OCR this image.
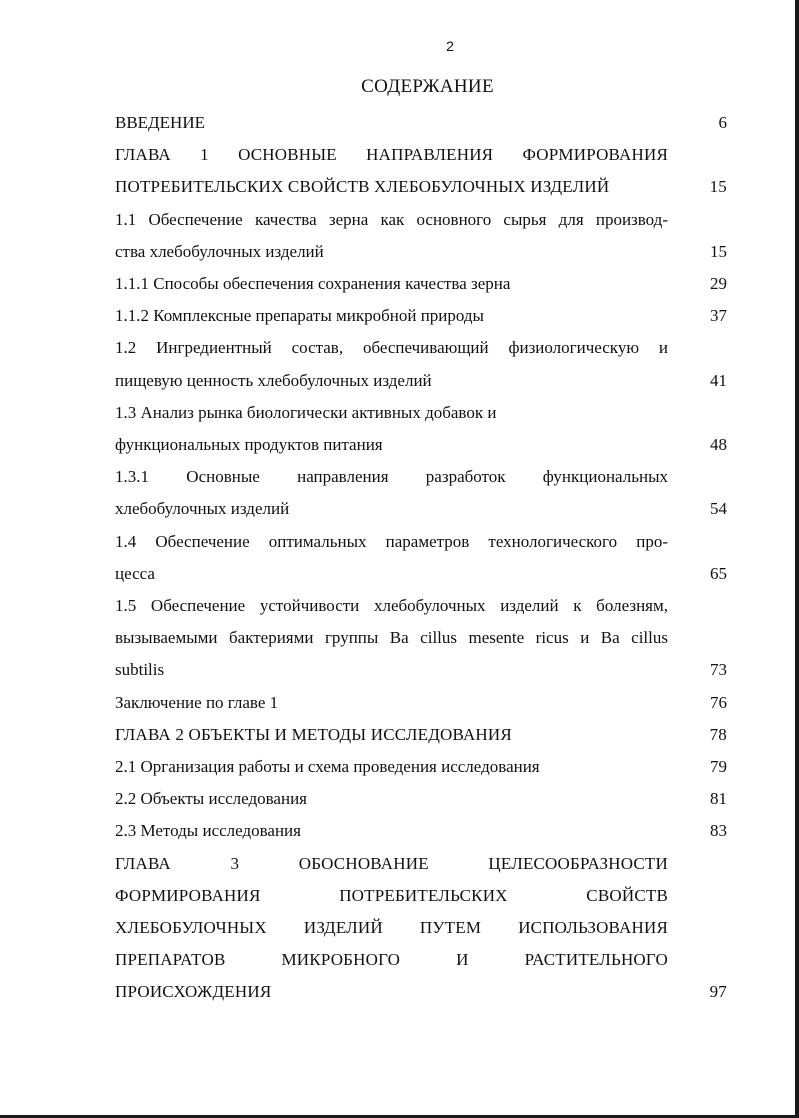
2
СОДЕРЖАНИЕ
ВВЕДЕНИЕ	6
ГЛАВА 1 ОСНОВНЫЕ НАПРАВЛЕНИЯ ФОРМИРОВАНИЯ
ПОТРЕБИТЕЛЬСКИХ СВОЙСТВ ХЛЕБОБУЛОЧНЫХ ИЗДЕЛИЙ	15
1.1 Обеспечение качества зерна как основного сырья для производ-
ства хлебобулочных изделий	15
1.1.1 Способы обеспечения сохранения качества зерна	29
1.1.2 Комплексные препараты микробной природы	37
1.2 Ингредиентный состав, обеспечивающий физиологическую и
пищевую ценность хлебобулочных изделий	41
1.3 Анализ рынка биологически активных добавок и
функциональных продуктов питания	48
1.3.1 Основные направления разработок функциональных
хлебобулочных изделий	54
1.4 Обеспечение оптимальных параметров технологического про-
цесса	65
1.5 Обеспечение устойчивости хлебобулочных изделий к болезням,
вызываемыми бактериями группы Ba cillus mesente ricus и Ba cillus
subtilis	73
Заключение по главе 1	76
ГЛАВА 2 ОБЪЕКТЫ И МЕТОДЫ ИССЛЕДОВАНИЯ	78
2.1 Организация работы и схема проведения исследования	79
2.2 Объекты исследования	81
2.3 Методы исследования	83
ГЛАВА 3 ОБОСНОВАНИЕ ЦЕЛЕСООБРАЗНОСТИ
ФОРМИРОВАНИЯ ПОТРЕБИТЕЛЬСКИХ СВОЙСТВ
ХЛЕБОБУЛОЧНЫХ ИЗДЕЛИЙ ПУТЕМ ИСПОЛЬЗОВАНИЯ
ПРЕПАРАТОВ МИКРОБНОГО И РАСТИТЕЛЬНОГО
ПРОИСХОЖДЕНИЯ	97
